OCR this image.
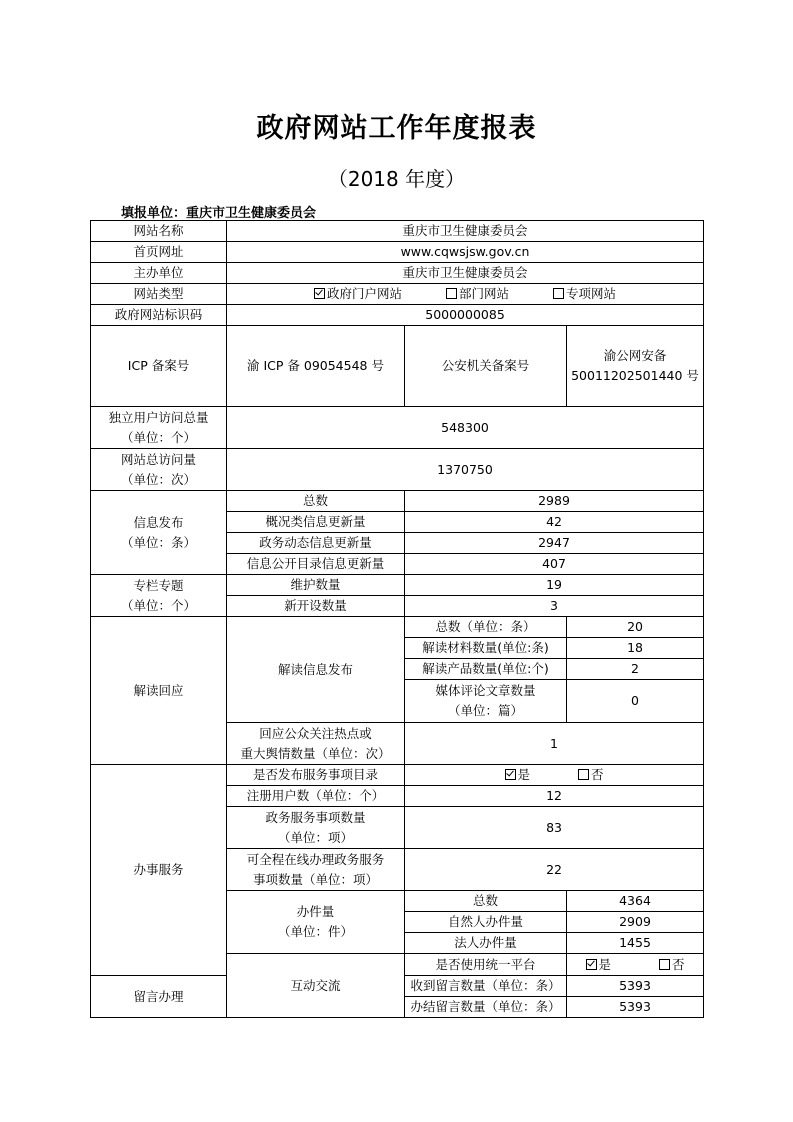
政府网站工作年度报表
（2018 年度）
填报单位：重庆市卫生健康委员会
网站名称	重庆市卫生健康委员会		
首页网址	www.cqwsjsw.gov.cn		
主办单位	重庆市卫生健康委员会		
网站类型	政府门户网站 部门网站 专项网站		
政府网站标识码	5000000085		
ICP 备案号	渝 ICP 备 09054548 号	公安机关备案号	渝公网安备
50011202501440 号

独立用户访问总量
（单位：个）	548300		

网站总访问量
（单位：次）	1370750		

信息发布
（单位：条）	总数	2989	
	概况类信息更新量	42	
	政务动态信息更新量	2947	
	信息公开目录信息更新量	407	

专栏专题
（单位：个）	维护数量	19	
	新开设数量	3	
解读回应	解读信息发布	总数（单位：条）	20
		解读材料数量(单位:条)	18
		解读产品数量(单位:个)	2

		媒体评论文章数量
（单位：篇）	0

	回应公众关注热点或
重大舆情数量（单位：次）	1	
办事服务	是否发布服务事项目录	是 否	
	注册用户数（单位：个）	12	

	政务服务事项数量
（单位：项）	83	

	可全程在线办理政务服务
事项数量（单位：项）	22	

	办件量
（单位：件）	总数	4364
		自然人办件量	2909
		法人办件量	1455
	互动交流	是否使用统一平台	是 否
留言办理		收到留言数量（单位：条）	5393
		办结留言数量（单位：条）	5393
